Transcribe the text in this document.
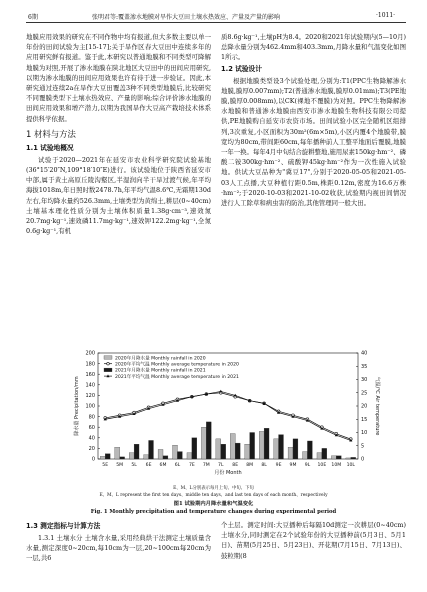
6期	张明君等:覆盖渗水地膜对旱作大豆田土壤水热效应、产量及产量的影响	·1011·

地膜应用效果的研究在不同作物中均有报道,但大多数主要以单一年份的田间试验为主[15-17];关于旱作区春大豆田中连续多年的应用研究鲜有报道。鉴于此,本研究以普通地膜和不同类型可降解地膜为对照,开展了渗水地膜在陕北地区大豆田中的田间应用研究,以期为渗水地膜的田间应用效果也许有待于进一步验证。因此,本研究通过连续2a在旱作大豆田覆盖3种不同类型地膜后,比较研究不同覆膜类型下土壤水热效应、产量的影响;综合评价渗水地膜的田间应用效果和增产潜力,以期为我国旱作大豆高产栽培技术体系提供科学依据。

1 材料与方法
1.1 试验地概况

试验于2020—2021年在延安市农业科学研究院试验基地(36°15′20″N,109°18′10″E)进行。该试验地位于陕西省延安市中部,属于黄土高原丘陵沟壑区,半湿润向半干旱过渡气候,年平均海拔1018m,年日照时数2478.7h,年平均气温8.6℃,无霜期130d左右,年均降水量约526.3mm,土壤类型为黄绵土,耕层(0~40cm)土壤基本理化性质分别为土壤体积质量1.38g·cm⁻³,速效氮20.7mg·kg⁻¹,速效磷11.7mg·kg⁻¹,速效钾122.2mg·kg⁻¹,全氮0.6g·kg⁻¹,有机

质8.6g·kg⁻¹,土壤pH为8.4。2020和2021年试验期内(5—10月)总降水量分别为462.4mm和403.3mm,月降水量和气温变化如图1所示。

1.2 试验设计

根据地膜类型设3个试验处理,分别为:T1(PPC生物降解渗水地膜,膜厚0.007mm);T2(普通渗水地膜,膜厚0.01mm);T3(PE地膜,膜厚0.008mm),以CK(裸地不覆膜)为对照。PPC生物降解渗水地膜和普通渗水地膜由西安市渗水地膜生物科技有限公司提供,PE地膜购自延安市农资市场。田间试验小区完全随机区组排列,3次重复,小区面积为30m²(6m×5m),小区内覆4个地膜带,膜宽均为80cm,带间距60cm,每年播种前人工整平地面后覆膜,地膜一年一换。每年4月中旬结合旋耕整地,施用尿素150kg·hm⁻²、磷酸二铵300kg·hm⁻²、硫酸钾45kg·hm⁻²作为一次性施入试验地。供试大豆品种为"冀豆17",分别于2020-05-05和2021-05-03人工点播,大豆种植行距0.5m,株距0.12m,密度为16.6万株·hm⁻²;于2020-10-03和2021-10-02收获,试验期内视田间情况进行人工除草和病虫害的防治,其他管理同一般大田。

0
20
40
60
80
100
120
140
160
180
200
0
5
10
15
20
25
30
35
40
5E 5M 5L 6E 6M 6L 7E 7M 7L 8E 8M 8L 9E 9M 9L 10E 10M 10L
月份 Month
降水量 Precipitation/mm	气温/℃ Air temperature
2020年月降水量 Monthly rainfall in 2020
2020年平均气温 Monthly average temperature in 2020
2021年月降水量 Monthly rainfall in 2021
2021年平均气温 Monthly average temperature in 2021
E、M、L分别表示每月上旬、中旬、下旬
E、M、L represent the first ten days、middle ten days、and last ten days of each month、respectively
图1 试验期内月降水量和气温变化
Fig. 1 Monthly precipitation and temperature changes during experimental period
1.3 测定指标与计算方法

1.3.1 土壤水分 土壤含水量,采用经典烘干法测定土壤质量含水量,测定深度0~20cm,每10cm为一层,20~100cm每20cm为一层,共6

个土层。测定时间:大豆播种后每隔10d测定一次耕层(0~40cm)土壤水分,同时测定在2个试验年份的大豆播种前(5月3日、5月1日)、苗期(5月25日、5月23日)、开花期(7月15日、7月13日)、鼓粒期(8
